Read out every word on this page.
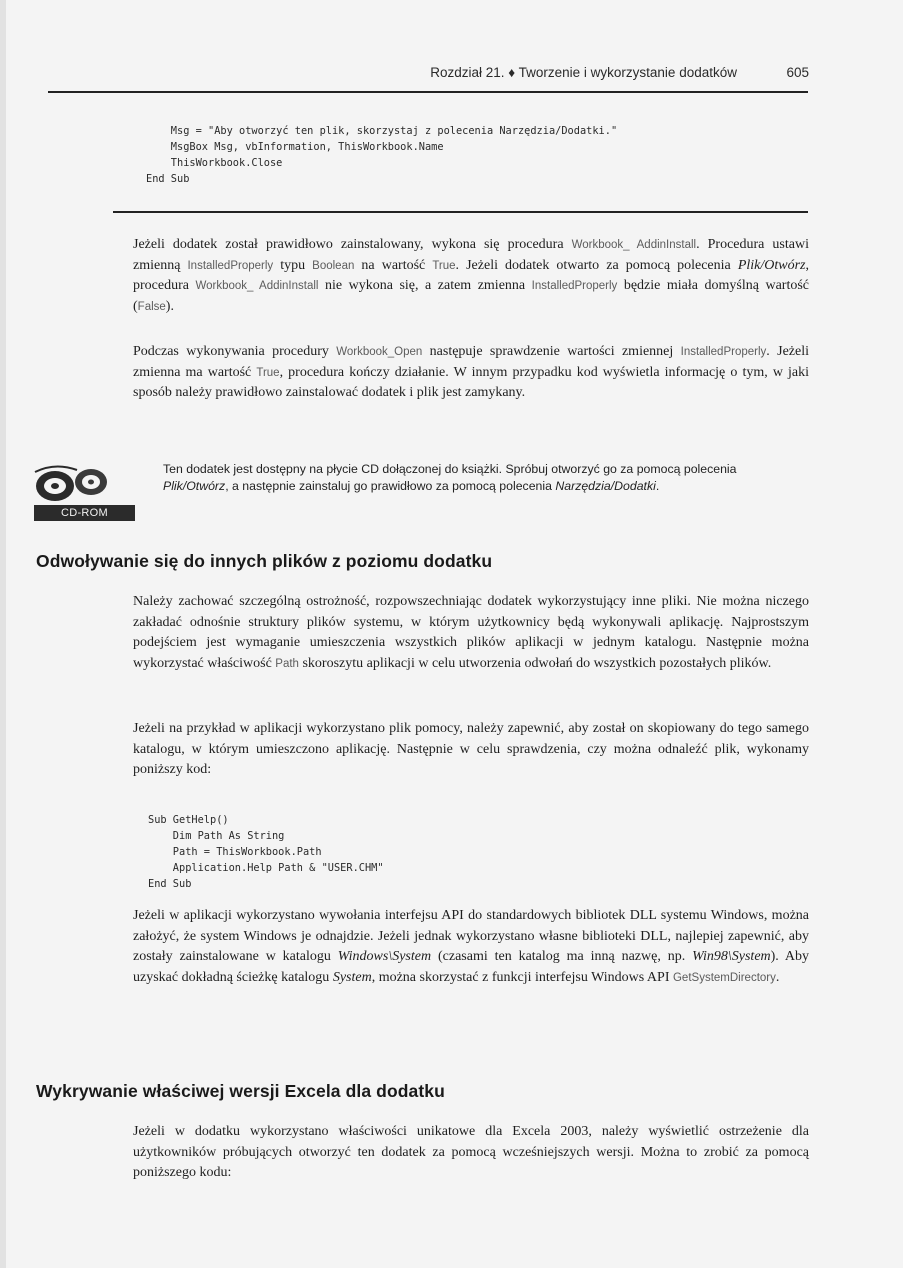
Rozdział 21. ♦ Tworzenie i wykorzystanie dodatków	605
Msg = "Aby otworzyć ten plik, skorzystaj z polecenia Narzędzia/Dodatki."
MsgBox Msg, vbInformation, ThisWorkbook.Name
ThisWorkbook.Close
End Sub

Jeżeli dodatek został prawidłowo zainstalowany, wykona się procedura Workbook_ AddinInstall. Procedura ustawi zmienną InstalledProperly typu Boolean na wartość True. Jeżeli dodatek otwarto za pomocą polecenia Plik/Otwórz, procedura Workbook_ AddinInstall nie wykona się, a zatem zmienna InstalledProperly będzie miała domyślną wartość (False).

Podczas wykonywania procedury Workbook_Open następuje sprawdzenie wartości zmiennej InstalledProperly. Jeżeli zmienna ma wartość True, procedura kończy działanie. W innym przypadku kod wyświetla informację o tym, w jaki sposób należy prawidłowo zainstalować dodatek i plik jest zamykany.

CD-ROM

Ten dodatek jest dostępny na płycie CD dołączonej do książki. Spróbuj otworzyć go za pomocą polecenia Plik/Otwórz, a następnie zainstaluj go prawidłowo za pomocą polecenia Narzędzia/Dodatki.

Odwoływanie się do innych plików z poziomu dodatku

Należy zachować szczególną ostrożność, rozpowszechniając dodatek wykorzystujący inne pliki. Nie można niczego zakładać odnośnie struktury plików systemu, w którym użytkownicy będą wykonywali aplikację. Najprostszym podejściem jest wymaganie umieszczenia wszystkich plików aplikacji w jednym katalogu. Następnie można wykorzystać właściwość Path skoroszytu aplikacji w celu utworzenia odwołań do wszystkich pozostałych plików.

Jeżeli na przykład w aplikacji wykorzystano plik pomocy, należy zapewnić, aby został on skopiowany do tego samego katalogu, w którym umieszczono aplikację. Następnie w celu sprawdzenia, czy można odnaleźć plik, wykonamy poniższy kod:

Sub GetHelp()
Dim Path As String
Path = ThisWorkbook.Path
Application.Help Path & "USER.CHM"
End Sub

Jeżeli w aplikacji wykorzystano wywołania interfejsu API do standardowych bibliotek DLL systemu Windows, można założyć, że system Windows je odnajdzie. Jeżeli jednak wykorzystano własne biblioteki DLL, najlepiej zapewnić, aby zostały zainstalowane w katalogu Windows\System (czasami ten katalog ma inną nazwę, np. Win98\System). Aby uzyskać dokładną ścieżkę katalogu System, można skorzystać z funkcji interfejsu Windows API GetSystemDirectory.

Wykrywanie właściwej wersji Excela dla dodatku

Jeżeli w dodatku wykorzystano właściwości unikatowe dla Excela 2003, należy wyświetlić ostrzeżenie dla użytkowników próbujących otworzyć ten dodatek za pomocą wcześniejszych wersji. Można to zrobić za pomocą poniższego kodu:
